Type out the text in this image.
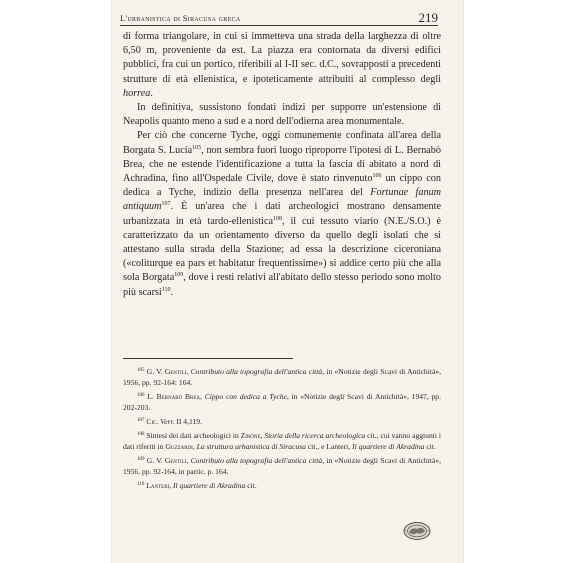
L'urbanistica di Siracusa greca	219

di forma triangolare, in cui si immetteva una strada della larghezza di oltre 6,50 m, proveniente da est. La piazza era contornata da diversi edifici pubblici, fra cui un portico, riferibili al I-II sec. d.C., sovrapposti a precedenti strutture di età ellenistica, e ipoteticamente attribuiti al complesso degli horrea.

In definitiva, sussistono fondati indizi per supporre un'estensione di Neapolis quanto meno a sud e a nord dell'odierna area monumentale.

Per ciò che concerne Tyche, oggi comunemente confinata all'area della Borgata S. Lucia$^{105}$, non sembra fuori luogo riproporre l'ipotesi di L. Bernabò Brea, che ne estende l'identificazione a tutta la fascia di abitato a nord di Achradina, fino all'Ospedale Civile, dove è stato rinvenuto$^{106}$ un cippo con dedica a Tyche, indizio della presenza nell'area del Fortunae fanum antiquum$^{107}$. È un'area che i dati archeologici mostrano densamente urbanizzata in età tardo-ellenistica$^{108}$, il cui tessuto viario (N.E./S.O.) è caratterizzato da un orientamento diverso da quello degli isolati che si attestano sulla strada della Stazione; ad essa la descrizione ciceroniana («coliturque ea pars et habitatur frequentissime») si addice certo più che alla sola Borgata$^{109}$, dove i resti relativi all'abitato dello stesso periodo sono molto più scarsi$^{110}$.

$^{105}$ G. V. Gentili, Contributo alla topografia dell'antica città, in «Notizie degli Scavi di Antichità», 1956, pp. 92-164: 164.

$^{106}$ L. Bernabò Brea, Cippo con dedica a Tyche, in «Notizie degli Scavi di Antichità», 1947, pp. 202-203.

$^{107}$ Cic. Verr. II 4,119.

$^{108}$ Sintesi dei dati archeologici in Zirone, Storia della ricerca archeologica cit., cui vanno aggiunti i dati riferiti in Guzzardi, La struttura urbanistica di Siracusa cit., e Lanteri, Il quartiere di Akradina cit.

$^{109}$ G. V. Gentili, Contributo alla topografia dell'antica città, in «Notizie degli Scavi di Antichità», 1956, pp. 92-164, in partic. p. 164.

$^{110}$ Lanteri, Il quartiere di Akradina cit.
